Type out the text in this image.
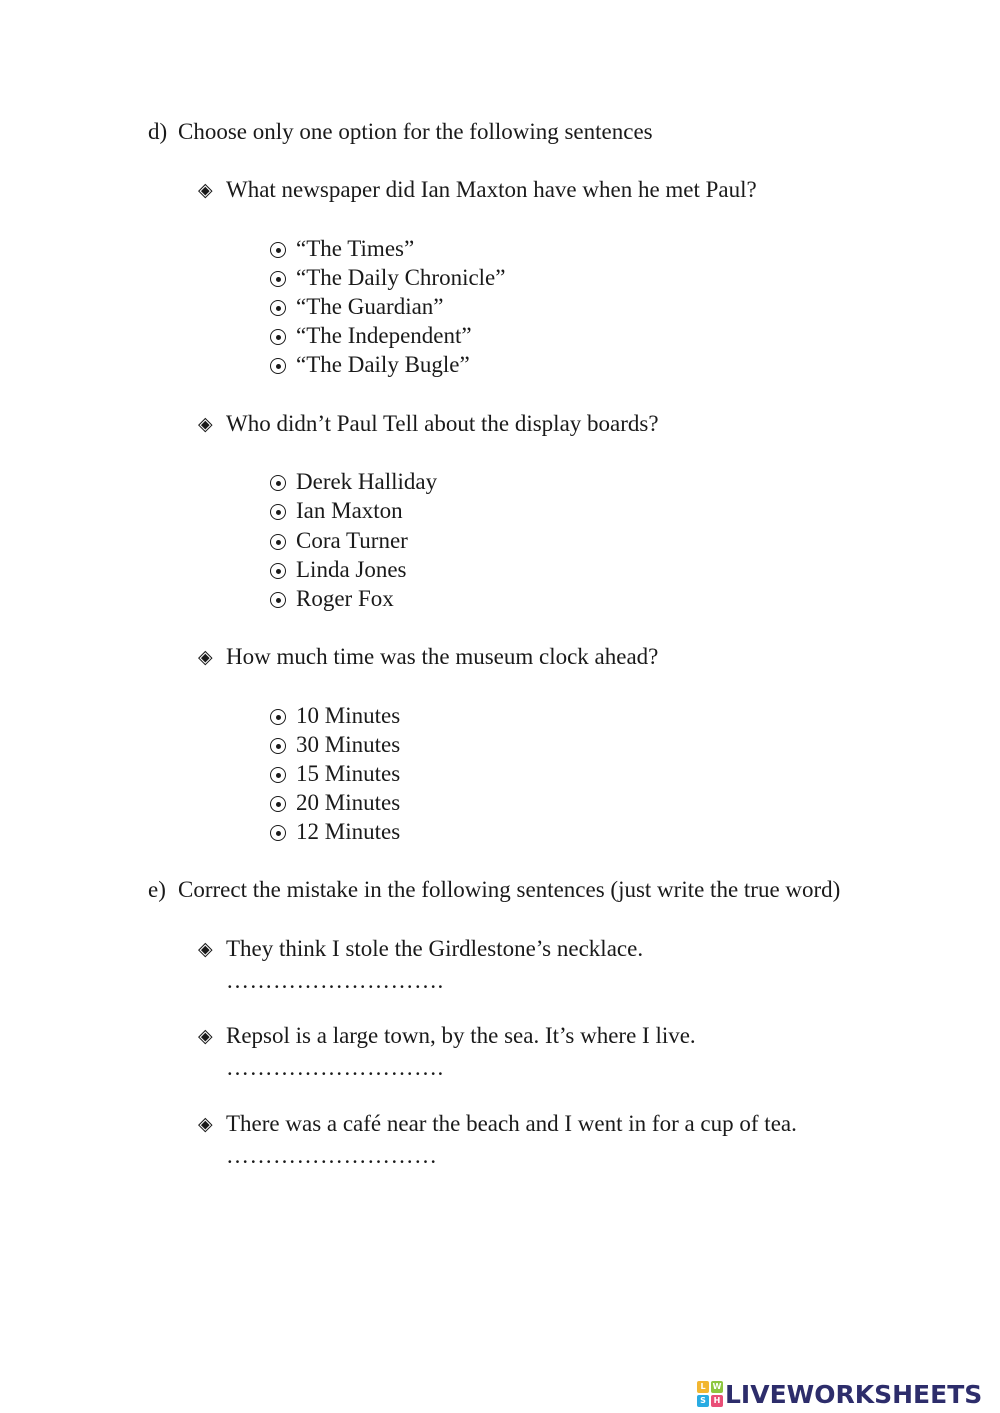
d) Choose only one option for the following sentences
◈ What newspaper did Ian Maxton have when he met Paul?
“The Times”
“The Daily Chronicle”
“The Guardian”
“The Independent”
“The Daily Bugle”
◈ Who didn’t Paul Tell about the display boards?
Derek Halliday
Ian Maxton
Cora Turner
Linda Jones
Roger Fox
◈ How much time was the museum clock ahead?
10 Minutes
30 Minutes
15 Minutes
20 Minutes
12 Minutes
e) Correct the mistake in the following sentences (just write the true word)
◈ They think I stole the Girdlestone’s necklace.
……………………….
◈ Repsol is a large town, by the sea. It’s where I live.
……………………….
◈ There was a café near the beach and I went in for a cup of tea.
………………………
L W
S H LIVEWORKSHEETS
